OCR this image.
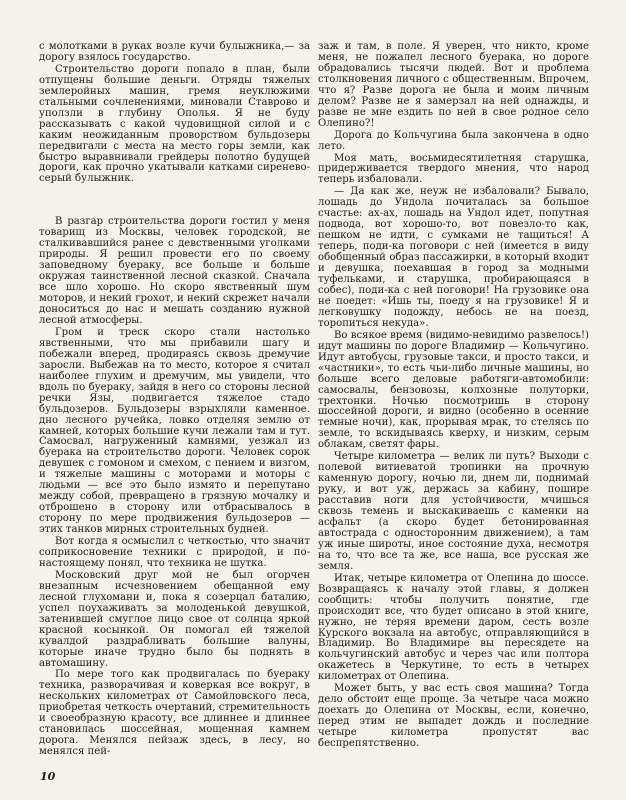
с молотками в руках возле кучи булыжника,— за дорогу взялось государство.

Строительство дороги попало в план, были отпущены большие деньги. Отряды тяжелых землеройных машин, гремя неуклюжими стальными сочленениями, миновали Ставрово и уползли в глубину Ополья. Я не буду рассказывать с какой чудовищной силой и с каким неожиданным проворством бульдозеры передвигали с места на место горы земли, как быстро выравнивали грейдеры полотно будущей дороги, как прочно укатывали катками сиренево-серый булыжник.

В разгар строительства дороги гостил у меня товарищ из Москвы, человек городской, не сталкивавшийся ранее с девственными уголками природы. Я решил провести его по своему заповедному буераку, все больше и больше окружая таинственной лесной сказкой. Сначала все шло хорошо. Но скоро явственный шум моторов, и некий грохот, и некий скрежет начали доноситься до нас и мешать созданию нужной лесной атмосферы.

Гром и треск скоро стали настолько явственными, что мы прибавили шагу и побежали вперед, продираясь сквозь дремучие заросли. Выбежав на то место, которое я считал наиболее глухим и дремучим, мы увидели, что вдоль по буераку, зайдя в него со стороны лесной речки Язы, подвигается тяжелое стадо бульдозеров. Бульдозеры взрыхляли каменное. дно лесного ручейка, ловко отделяя землю от камней, которых большие кучи лежали там и тут. Самосвал, нагруженный камнями, уезжал из буерака на строительство дороги. Человек сорок девушек с гомоном и смехом, с пением и визгом, и тяжелые машины с моторами и моторы с людьми — все это было измято и перепутано между собой, превращено в грязную мочалку и отброшено в сторону или отбрасывалось в сторону по мере продвижения бульдозеров — этих танков мирных строительных будней.

Вот когда я осмыслил с четкостью, что значит соприкосновение техники с природой, и по-настоящему понял, что техника не шутка.

Московский друг мой не был огорчен внезапным исчезновением обещанной ему лесной глухомани и, пока я созерцал баталию, успел поухаживать за молоденькой девушкой, затенившей смуглое лицо свое от солнца яркой красной косынкой. Он помогал ей тяжелой кувалдой раздрабливать большие валуны, которые иначе трудно было бы поднять в автомашину.

По мере того как продвигалась по буераку техника, разворачивая и коверкая все вокруг, в нескольких километрах от Самойловского леса, приобретая четкость очертаний, стремительность и своеобразную красоту, все длиннее и длиннее становилась шоссейная, мощенная камнем дорога. Менялся пейзаж здесь, в лесу, но менялся пей-

заж и там, в поле. Я уверен, что никто, кроме меня, не пожалел лесного буерака, но дороге обрадовались тысячи людей. Вот и проблема столкновения личного с общественным. Впрочем, что я? Разве дорога не была и моим личным делом? Разве не я замерзал на ней однажды, и разве не мне ездить по ней в свое родное село Олепино?!

Дорога до Кольчугина была закончена в одно лето.

Моя мать, восьмидесятилетняя старушка, придерживается твердого мнения, что народ теперь избаловали.

— Да как же, неуж не избаловали? Бывало, лошадь до Ундола почиталась за большое счастье: ах-ах, лошадь на Ундол идет, попутная подвода, вот хорошо-то, вот повезло-то как, пешком не идти, с сумками не тащиться! А теперь, поди-ка поговори с ней (имеется в виду обобщенный образ пассажирки, в который входит и девушка, поехавшая в город за модными туфельками, и старушка, пробирающаяся в собес), поди-ка с ней поговори! На грузовике она не поедет: «Ишь ты, поеду я на грузовике! Я и легковушку подожду, небось не на поезд, торопиться некуда».

Во всякое время (видимо-невидимо развелось!) идут машины по дороге Владимир — Кольчугино. Идут автобусы, грузовые такси, и просто такси, и «частники», то есть чьи-либо личные машины, но больше всего деловые работяги-автомобили: самосвалы, бензовозы, колхозные полуторки, трехтонки. Ночью посмотришь в сторону шоссейной дороги, и видно (особенно в осенние темные ночи), как, прорывая мрак, то стелясь по земле, то вскидываясь кверху, и низким, серым облакам, светят фары.

Четыре километра — велик ли путь? Выходи с полевой витиеватой тропинки на прочную каменную дорогу, ночью ли, днем ли, поднимай руку, и вот уж, держась за кабину, пошире расставив ноги для устойчивости, мчишься сквозь темень и выскакиваешь с каменки на асфальт (а скоро будет бетонированная автострада с односторонним движением), а там уж иные широты, иное состояние духа, несмотря на то, что все та же, все наша, все русская же земля.

Итак, четыре километра от Олепина до шоссе. Возвращаясь к началу этой главы, я должен сообщить: чтобы получить понятие, где происходит все, что будет описано в этой книге, нужно, не теряя времени даром, сесть возле Курского вокзала на автобус, отправляющийся в Владимир. Во Владимире вы пересядете на кольчугинский автобус и через час или полтора окажетесь в Черкутине, то есть в четырех километрах от Олепина.

Может быть, у вас есть своя машина? Тогда дело обстоит еще проще. За четыре часа можно доехать до Олепина от Москвы, если, конечно, перед этим не выпадет дождь и последние четыре километра пропустят вас беспрепятственно.

10
